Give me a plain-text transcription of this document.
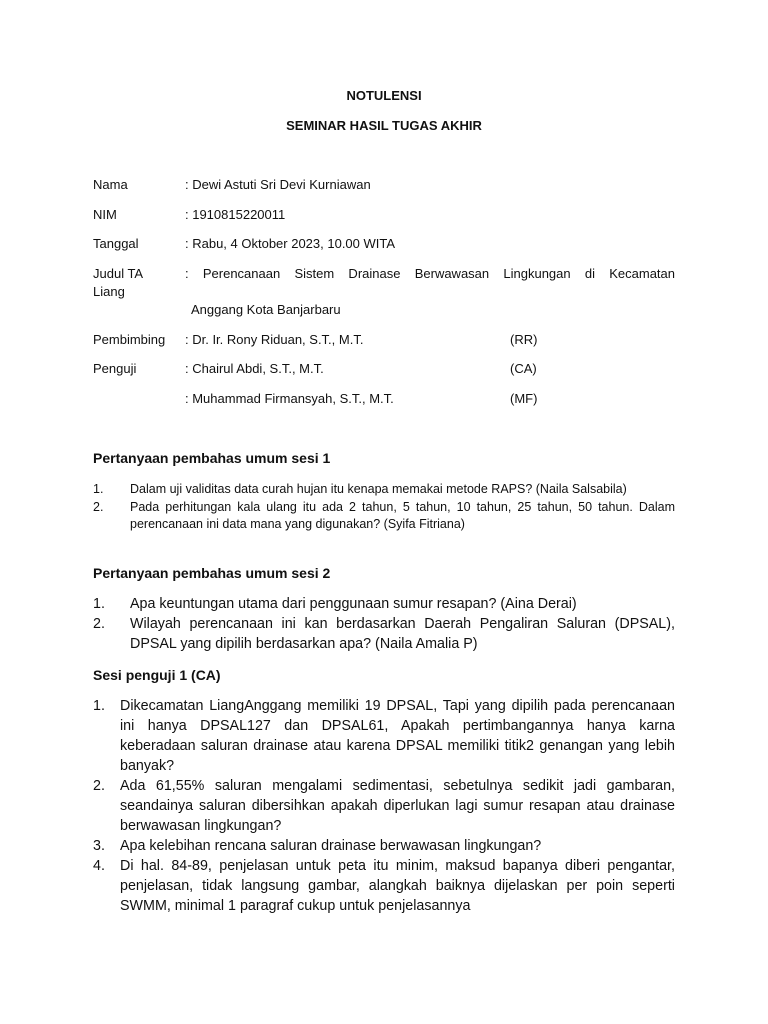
NOTULENSI
SEMINAR HASIL TUGAS AKHIR
Nama	: Dewi Astuti Sri Devi Kurniawan
NIM	: 1910815220011
Tanggal	: Rabu, 4 Oktober 2023, 10.00 WITA
Judul TA	: Perencanaan Sistem Drainase Berwawasan Lingkungan di Kecamatan
Liang
Anggang Kota Banjarbaru
Pembimbing : Dr. Ir. Rony Riduan, S.T., M.T.	(RR)
Penguji	: Chairul Abdi, S.T., M.T.	(CA)
: Muhammad Firmansyah, S.T., M.T.	(MF)
Pertanyaan pembahas umum sesi 1
1. Dalam uji validitas data curah hujan itu kenapa memakai metode RAPS? (Naila Salsabila)
2. Pada perhitungan kala ulang itu ada 2 tahun, 5 tahun, 10 tahun, 25 tahun, 50 tahun. Dalam perencanaan ini data mana yang digunakan? (Syifa Fitriana)
Pertanyaan pembahas umum sesi 2
1. Apa keuntungan utama dari penggunaan sumur resapan? (Aina Derai)
2. Wilayah perencanaan ini kan berdasarkan Daerah Pengaliran Saluran (DPSAL), DPSAL yang dipilih berdasarkan apa? (Naila Amalia P)
Sesi penguji 1 (CA)
1. Dikecamatan LiangAnggang memiliki 19 DPSAL, Tapi yang dipilih pada perencanaan ini hanya DPSAL127 dan DPSAL61, Apakah pertimbangannya hanya karna keberadaan saluran drainase atau karena DPSAL memiliki titik2 genangan yang lebih banyak?
2. Ada 61,55% saluran mengalami sedimentasi, sebetulnya sedikit jadi gambaran, seandainya saluran dibersihkan apakah diperlukan lagi sumur resapan atau drainase berwawasan lingkungan?
3. Apa kelebihan rencana saluran drainase berwawasan lingkungan?
4. Di hal. 84-89, penjelasan untuk peta itu minim, maksud bapanya diberi pengantar, penjelasan, tidak langsung gambar, alangkah baiknya dijelaskan per poin seperti SWMM, minimal 1 paragraf cukup untuk penjelasannya
